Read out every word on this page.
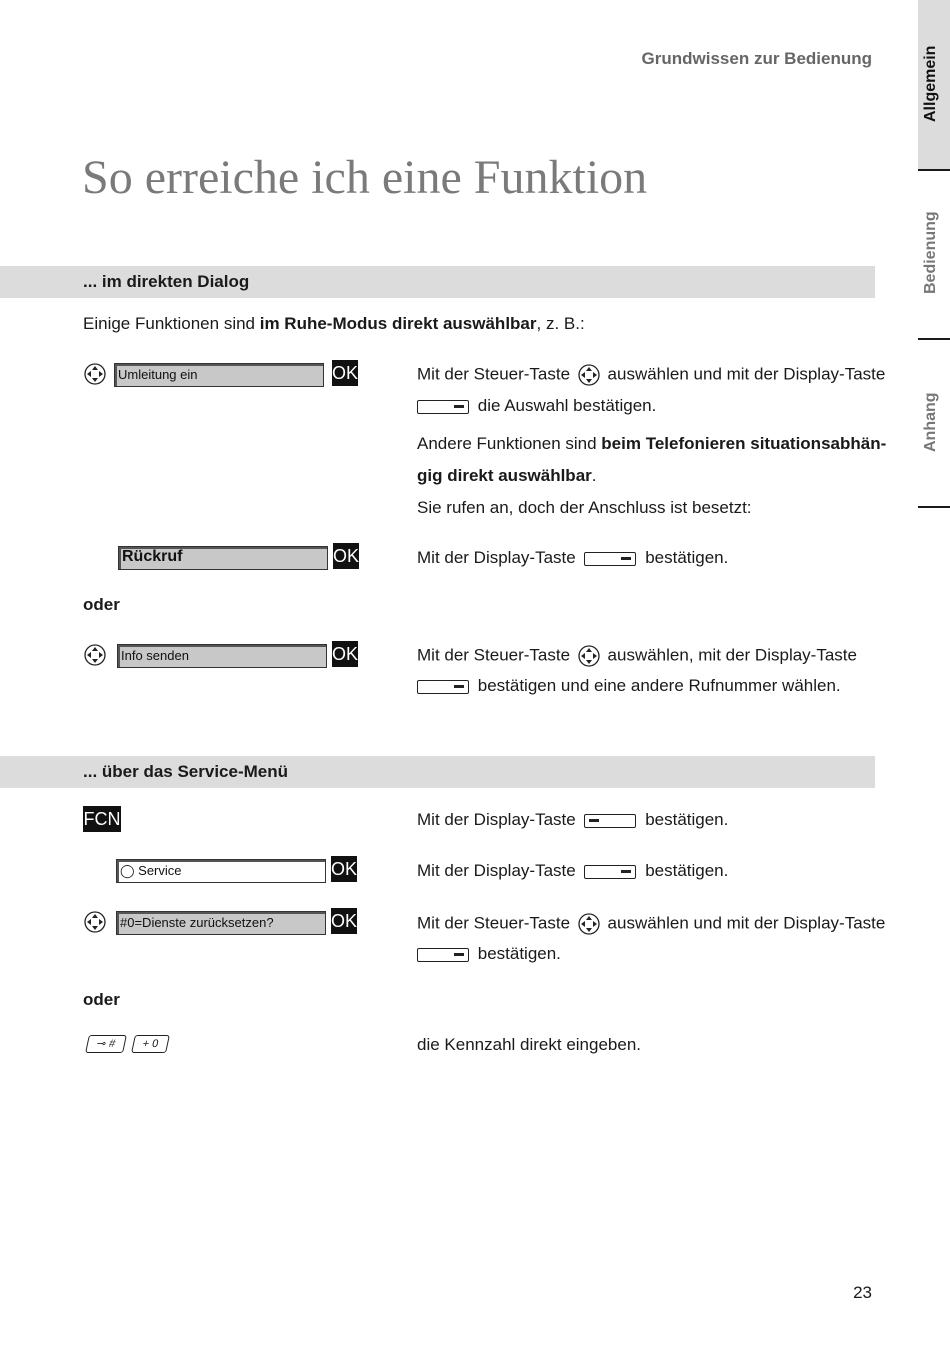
Grundwissen zur Bedienung
So erreiche ich eine Funktion
Allgemein
Bedienung
Anhang
... im direkten Dialog
Einige Funktionen sind im Ruhe-Modus direkt auswählbar, z. B.:
Umleitung ein	OK	Mit der Steuer-Taste auswählen und mit der Display-Taste
die Auswahl bestätigen.
Andere Funktionen sind beim Telefonieren situationsabhän-
gig direkt auswählbar.
Sie rufen an, doch der Anschluss ist besetzt:
Rückruf	OK	Mit der Display-Taste	bestätigen.
oder
Info senden	OK	Mit der Steuer-Taste auswählen, mit der Display-Taste
bestätigen und eine andere Rufnummer wählen.
... über das Service-Menü
FCN	Mit der Display-Taste	bestätigen.
◯ Service	OK	Mit der Display-Taste	bestätigen.
#0=Dienste zurücksetzen?	OK	Mit der Steuer-Taste auswählen und mit der Display-Taste
bestätigen.
oder
⊸ #	+ 0	die Kennzahl direkt eingeben.
23
